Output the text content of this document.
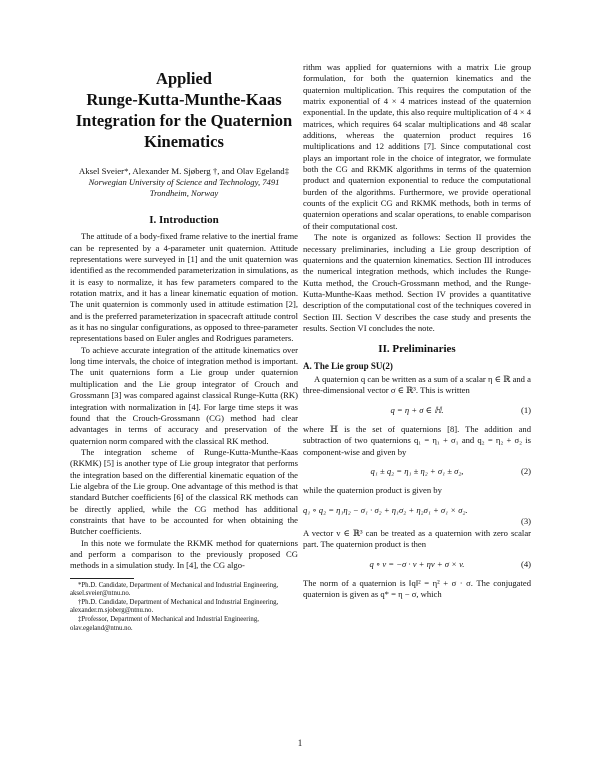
Applied
Runge-Kutta-Munthe-Kaas
Integration for the Quaternion
Kinematics
Aksel Sveier*, Alexander M. Sjøberg †, and Olav Egeland‡
Norwegian University of Science and Technology, 7491
Trondheim, Norway
I. Introduction

The attitude of a body-fixed frame relative to the inertial frame can be represented by a 4-parameter unit quaternion. Attitude representations were surveyed in [1] and the unit quaternion was identified as the recommended parameterization in simulations, as it is easy to normalize, it has few parameters compared to the rotation matrix, and it has a linear kinematic equation of motion. The unit quaternion is commonly used in attitude estimation [2], and is the preferred parameterization in spacecraft attitude control as it has no singular configurations, as opposed to three-parameter representations based on Euler angles and Rodrigues parameters.

To achieve accurate integration of the attitude kinematics over long time intervals, the choice of integration method is important. The unit quaternions form a Lie group under quaternion multiplication and the Lie group integrator of Crouch and Grossmann [3] was compared against classical Runge-Kutta (RK) integration with normalization in [4]. For large time steps it was found that the Crouch-Grossmann (CG) method had clear advantages in terms of accuracy and preservation of the quaternion norm compared with the classical RK method.

The integration scheme of Runge-Kutta-Munthe-Kaas (RKMK) [5] is another type of Lie group integrator that performs the integration based on the differential kinematic equation of the Lie algebra of the Lie group. One advantage of this method is that standard Butcher coefficients [6] of the classical RK methods can be directly applied, while the CG method has additional constraints that have to be accounted for when obtaining the Butcher coefficients.

In this note we formulate the RKMK method for quaternions and perform a comparison to the previously proposed CG methods in a simulation study. In [4], the CG algo-

*Ph.D. Candidate, Department of Mechanical and Industrial Engineering, aksel.sveier@ntnu.no.

†Ph.D. Candidate, Department of Mechanical and Industrial Engineering, alexander.m.sjoberg@ntnu.no.

‡Professor, Department of Mechanical and Industrial Engineering, olav.egeland@ntnu.no.

rithm was applied for quaternions with a matrix Lie group formulation, for both the quaternion kinematics and the quaternion multiplication. This requires the computation of the matrix exponential of 4 × 4 matrices instead of the quaternion exponential. In the update, this also require multiplication of 4 × 4 matrices, which requires 64 scalar multiplications and 48 scalar additions, whereas the quaternion product requires 16 multiplications and 12 additions [7]. Since computational cost plays an important role in the choice of integrator, we formulate both the CG and RKMK algorithms in terms of the quaternion product and quaternion exponential to reduce the computational burden of the algorithms. Furthermore, we provide operational counts of the explicit CG and RKMK methods, both in terms of quaternion operations and scalar operations, to enable comparison of their computational cost.

The note is organized as follows: Section II provides the necessary preliminaries, including a Lie group description of quaternions and the quaternion kinematics. Section III introduces the numerical integration methods, which includes the Runge-Kutta method, the Crouch-Grossmann method, and the Runge-Kutta-Munthe-Kaas method. Section IV provides a quantitative description of the computational cost of the techniques covered in Section III. Section V describes the case study and presents the results. Section VI concludes the note.

II. Preliminaries
A. The Lie group SU(2)

A quaternion q can be written as a sum of a scalar η ∈ ℝ and a three-dimensional vector σ ∈ ℝ³. This is written

q = η + σ ∈ ℍ.	(1)

where ℍ is the set of quaternions [8]. The addition and subtraction of two quaternions q₁ = η₁ + σ₁ and q₂ = η₂ + σ₂ is component-wise and given by

q₁ ± q₂ = η₁ ± η₂ + σ₁ ± σ₂,	(2)

while the quaternion product is given by

q₁ ∘ q₂ = η₁η₂ − σ₁ · σ₂ + η₁σ₂ + η₂σ₁ + σ₁ × σ₂.
(3)

A vector v ∈ ℝ³ can be treated as a quaternion with zero scalar part. The quaternion product is then

q ∘ v = −σ · v + ηv + σ × v.	(4)

The norm of a quaternion is ‖q‖² = η² + σ · σ. The conjugated quaternion is given as q* = η − σ, which

1
